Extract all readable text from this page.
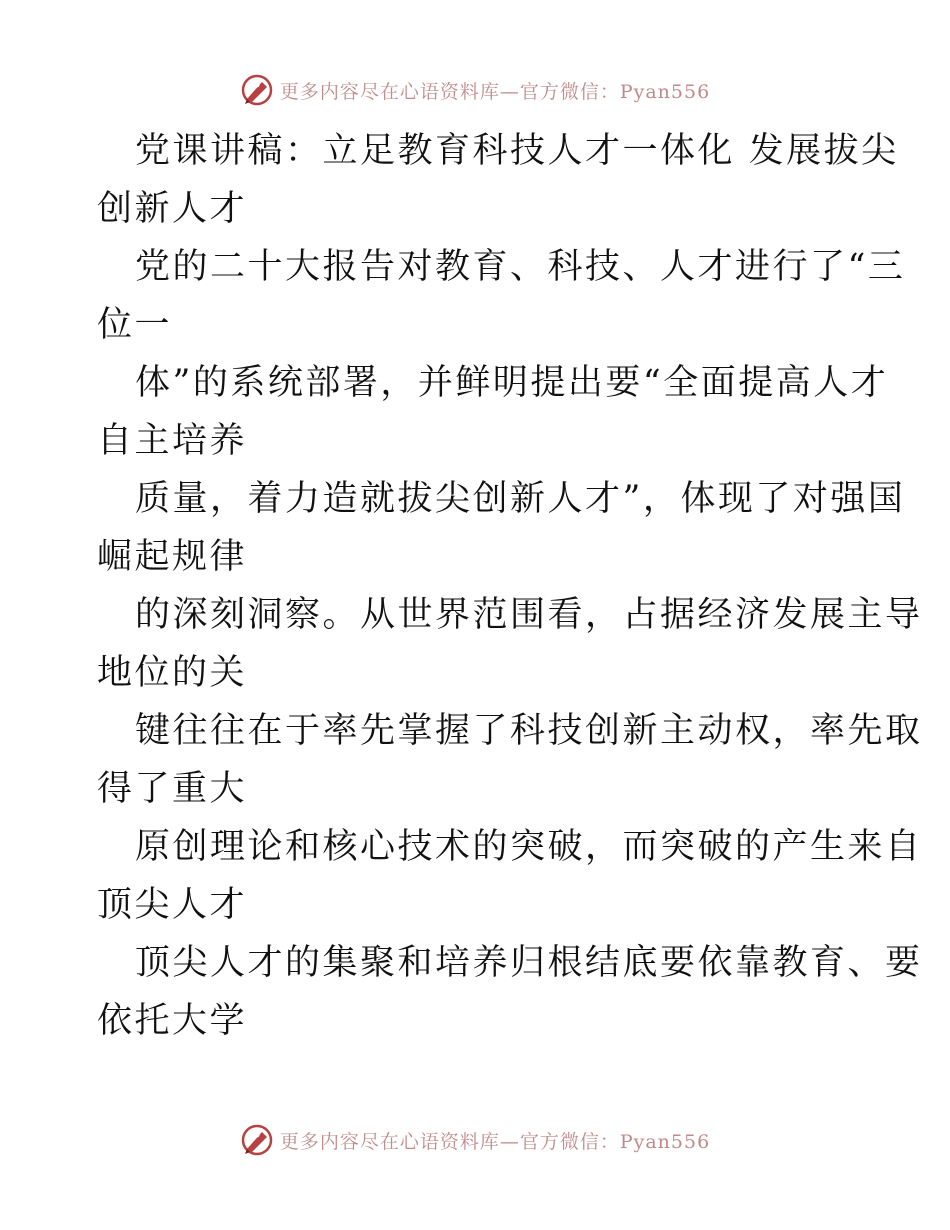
更多内容尽在心语资料库—官方微信：Pyan556
党课讲稿：立足教育科技人才一体化 发展拔尖
创新人才
党的二十大报告对教育、科技、人才进行了“三
位一
体”的系统部署，并鲜明提出要“全面提高人才
自主培养
质量，着力造就拔尖创新人才”，体现了对强国
崛起规律
的深刻洞察。从世界范围看，占据经济发展主导
地位的关
键往往在于率先掌握了科技创新主动权，率先取
得了重大
原创理论和核心技术的突破，而突破的产生来自
顶尖人才
顶尖人才的集聚和培养归根结底要依靠教育、要
依托大学
更多内容尽在心语资料库—官方微信：Pyan556
